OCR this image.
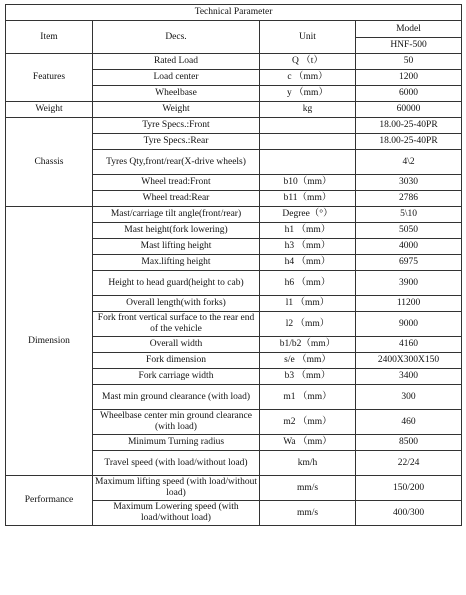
Technical Parameter			
Item	Decs.	Unit	Model
			HNF-500
Features	Rated Load	Q （t）	50
	Load center	c （mm）	1200
	Wheelbase	y （mm）	6000
Weight	Weight	kg	60000
Chassis	Tyre Specs.:Front		18.00-25-40PR
	Tyre Specs.:Rear		18.00-25-40PR
	Tyres Qty,front/rear(X-drive wheels)		4\2
	Wheel tread:Front	b10（mm）	3030
	Wheel tread:Rear	b11（mm）	2786
Dimension	Mast/carriage tilt angle(front/rear)	Degree（°）	5\10
	Mast height(fork lowering)	h1 （mm）	5050
	Mast lifting height	h3 （mm）	4000
	Max.lifting height	h4 （mm）	6975
	Height to head guard(height to cab)	h6 （mm）	3900
	Overall length(with forks)	l1 （mm）	11200
	Fork front vertical surface to the rear end of the vehicle	l2 （mm）	9000
	Overall width	b1/b2（mm）	4160
	Fork dimension	s/e （mm）	2400X300X150
	Fork carriage width	b3 （mm）	3400
	Mast min ground clearance (with load)	m1 （mm）	300
	Wheelbase center min ground clearance (with load)	m2 （mm）	460
	Minimum Turning radius	Wa （mm）	8500
	Travel speed (with load/without load)	km/h	22/24
Performance	Maximum lifting speed (with load/without load)	mm/s	150/200
	Maximum Lowering speed (with load/without load)	mm/s	400/300
